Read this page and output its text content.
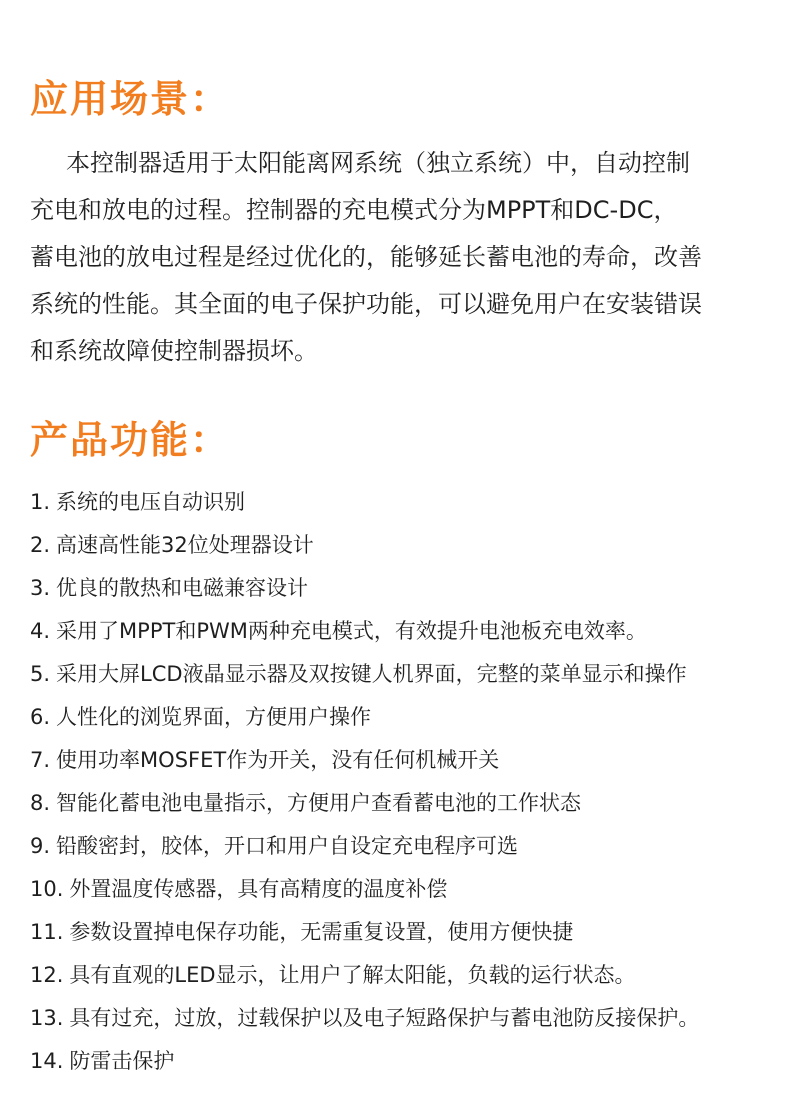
应用场景：

本控制器适用于太阳能离网系统（独立系统）中，自动控制
充电和放电的过程。控制器的充电模式分为MPPT和DC-DC，
蓄电池的放电过程是经过优化的，能够延长蓄电池的寿命，改善
系统的性能。其全面的电子保护功能，可以避免用户在安装错误
和系统故障使控制器损坏。

产品功能：
1. 系统的电压自动识别
2. 高速高性能32位处理器设计
3. 优良的散热和电磁兼容设计
4. 采用了MPPT和PWM两种充电模式，有效提升电池板充电效率。
5. 采用大屏LCD液晶显示器及双按键人机界面，完整的菜单显示和操作
6. 人性化的浏览界面，方便用户操作
7. 使用功率MOSFET作为开关，没有任何机械开关
8. 智能化蓄电池电量指示，方便用户查看蓄电池的工作状态
9. 铅酸密封，胶体，开口和用户自设定充电程序可选
10. 外置温度传感器，具有高精度的温度补偿
11. 参数设置掉电保存功能，无需重复设置，使用方便快捷
12. 具有直观的LED显示，让用户了解太阳能，负载的运行状态。
13. 具有过充，过放，过载保护以及电子短路保护与蓄电池防反接保护。
14. 防雷击保护
